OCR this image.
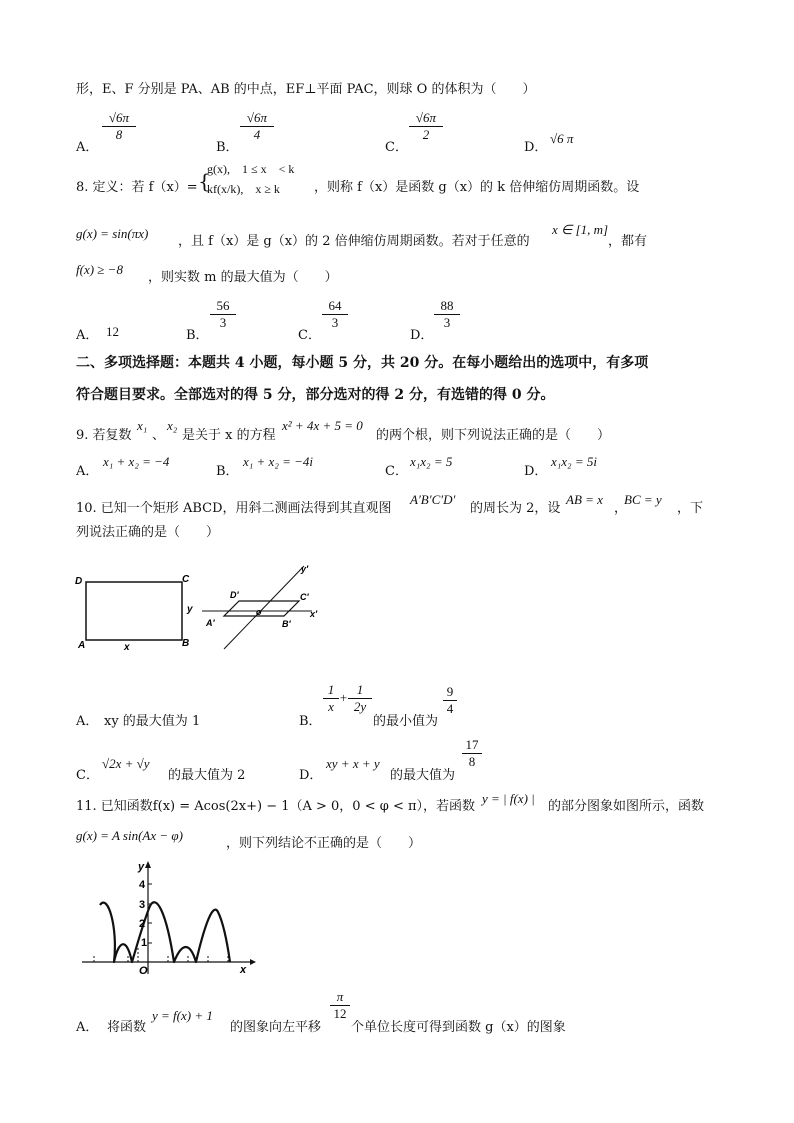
形，E、F 分别是 PA、AB 的中点，EF⊥平面 PAC，则球 O 的体积为（　　）
A．
$\frac{√6\pi}{8}$
B．
$\frac{√6\pi}{4}$
C．
$\frac{√6\pi}{2}$
D．
√6 π
8. 定义：若 f（x）= {
g(x),　1 ≤ x　< k
kf(x/k),　x ≥ k	，则称 f（x）是函数 g（x）的 k 倍伸缩仿周期函数。设
g(x) = sin(πx)
，且 f（x）是 g（x）的 2 倍伸缩仿周期函数。若对于任意的
x ∈ [1, m]
，都有
f(x) ≥ −8
，则实数 m 的最大值为（　　）
A． 12	B．
$\frac{56}{3}$
C．
$\frac{64}{3}$
D．
$\frac{88}{3}$
二、多项选择题：本题共 4 小题，每小题 5 分，共 20 分。在每小题给出的选项中，有多项
符合题目要求。全部选对的得 5 分，部分选对的得 2 分，有选错的得 0 分。
9. 若复数
x₁
、
x₂
是关于 x 的方程
x² + 4x + 5 = 0
的两个根，则下列说法正确的是（　　）
A．
x₁ + x₂ = −4
B．
x₁ + x₂ = −4i
C．
x₁x₂ = 5
D．
x₁x₂ = 5i
10. 已知一个矩形 ABCD，用斜二测画法得到其直观图
A′B′C′D′
的周长为 2，设
AB = x
，
BC = y
，下
列说法正确的是（　　）
D	C
A	B
x
y
D′	C′
A′	B′
o
y′
x′
A． xy 的最大值为 1	B．
$\frac{1}{x} + \frac{1}{2y}$
的最小值为
$\frac{9}{4}$
C．
√2x + √y
的最大值为 2	D．
xy + x + y
的最大值为
$\frac{17}{8}$
11. 已知函数f(x) = Acos(2x+) − 1（A > 0，0 < φ < π），若函数
y = | f(x) |
的部分图象如图所示，函数
g(x) = A sin(Ax − φ)
，则下列结论不正确的是（　　）
y
4
3
2
1
O	x
A． 将函数
y = f(x) + 1
的图象向左平移
$\frac{\pi}{12}$
个单位长度可得到函数 g（x）的图象
